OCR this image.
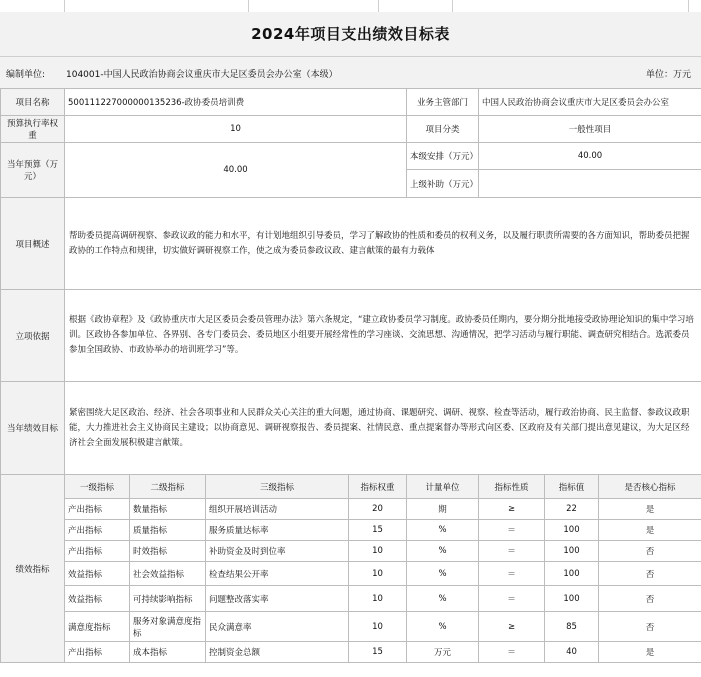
2024年项目支出绩效目标表
编制单位: 104001-中国人民政治协商会议重庆市大足区委员会办公室（本级）	单位：万元
项目名称	500111227000000135236-政协委员培训费				业务主管部门	中国人民政治协商会议重庆市大足区委员会办公室		
预算执行率权重	10				项目分类	一般性项目		
当年预算（万元）	40.00				本级安排（万元）	40.00		
					上级补助（万元）			
项目概述	帮助委员提高调研视察、参政议政的能力和水平，有计划地组织引导委员，学习了解政协的性质和委员的权利义务，以及履行职责所需要的各方面知识，帮助委员把握政协的工作特点和规律，切实做好调研视察工作，使之成为委员参政议政、建言献策的最有力载体							
立项依据	根据《政协章程》及《政协重庆市大足区委员会委员管理办法》第六条规定，“建立政协委员学习制度。政协委员任期内，要分期分批地接受政协理论知识的集中学习培训。区政协各参加单位、各界别、各专门委员会、委员地区小组要开展经常性的学习座谈、交流思想、沟通情况，把学习活动与履行职能、调查研究相结合。选派委员参加全国政协、市政协举办的培训班学习”等。							
当年绩效目标	紧密围绕大足区政治、经济、社会各项事业和人民群众关心关注的重大问题，通过协商、课题研究、调研、视察、检查等活动，履行政治协商、民主监督、参政议政职能，大力推进社会主义协商民主建设；以协商意见、调研视察报告、委员提案、社情民意、重点提案督办等形式向区委、区政府及有关部门提出意见建议，为大足区经济社会全面发展积极建言献策。							
绩效指标	一级指标	二级指标	三级指标	指标权重	计量单位	指标性质	指标值	是否核心指标
	产出指标	数量指标	组织开展培训活动	20	期	≥	22	是
	产出指标	质量指标	服务质量达标率	15	%	＝	100	是
	产出指标	时效指标	补助资金及时到位率	10	%	＝	100	否
	效益指标	社会效益指标	检查结果公开率	10	%	＝	100	否
	效益指标	可持续影响指标	问题整改落实率	10	%	＝	100	否
	满意度指标	服务对象满意度指标	民众满意率	10	%	≥	85	否
	产出指标	成本指标	控制资金总额	15	万元	＝	40	是
